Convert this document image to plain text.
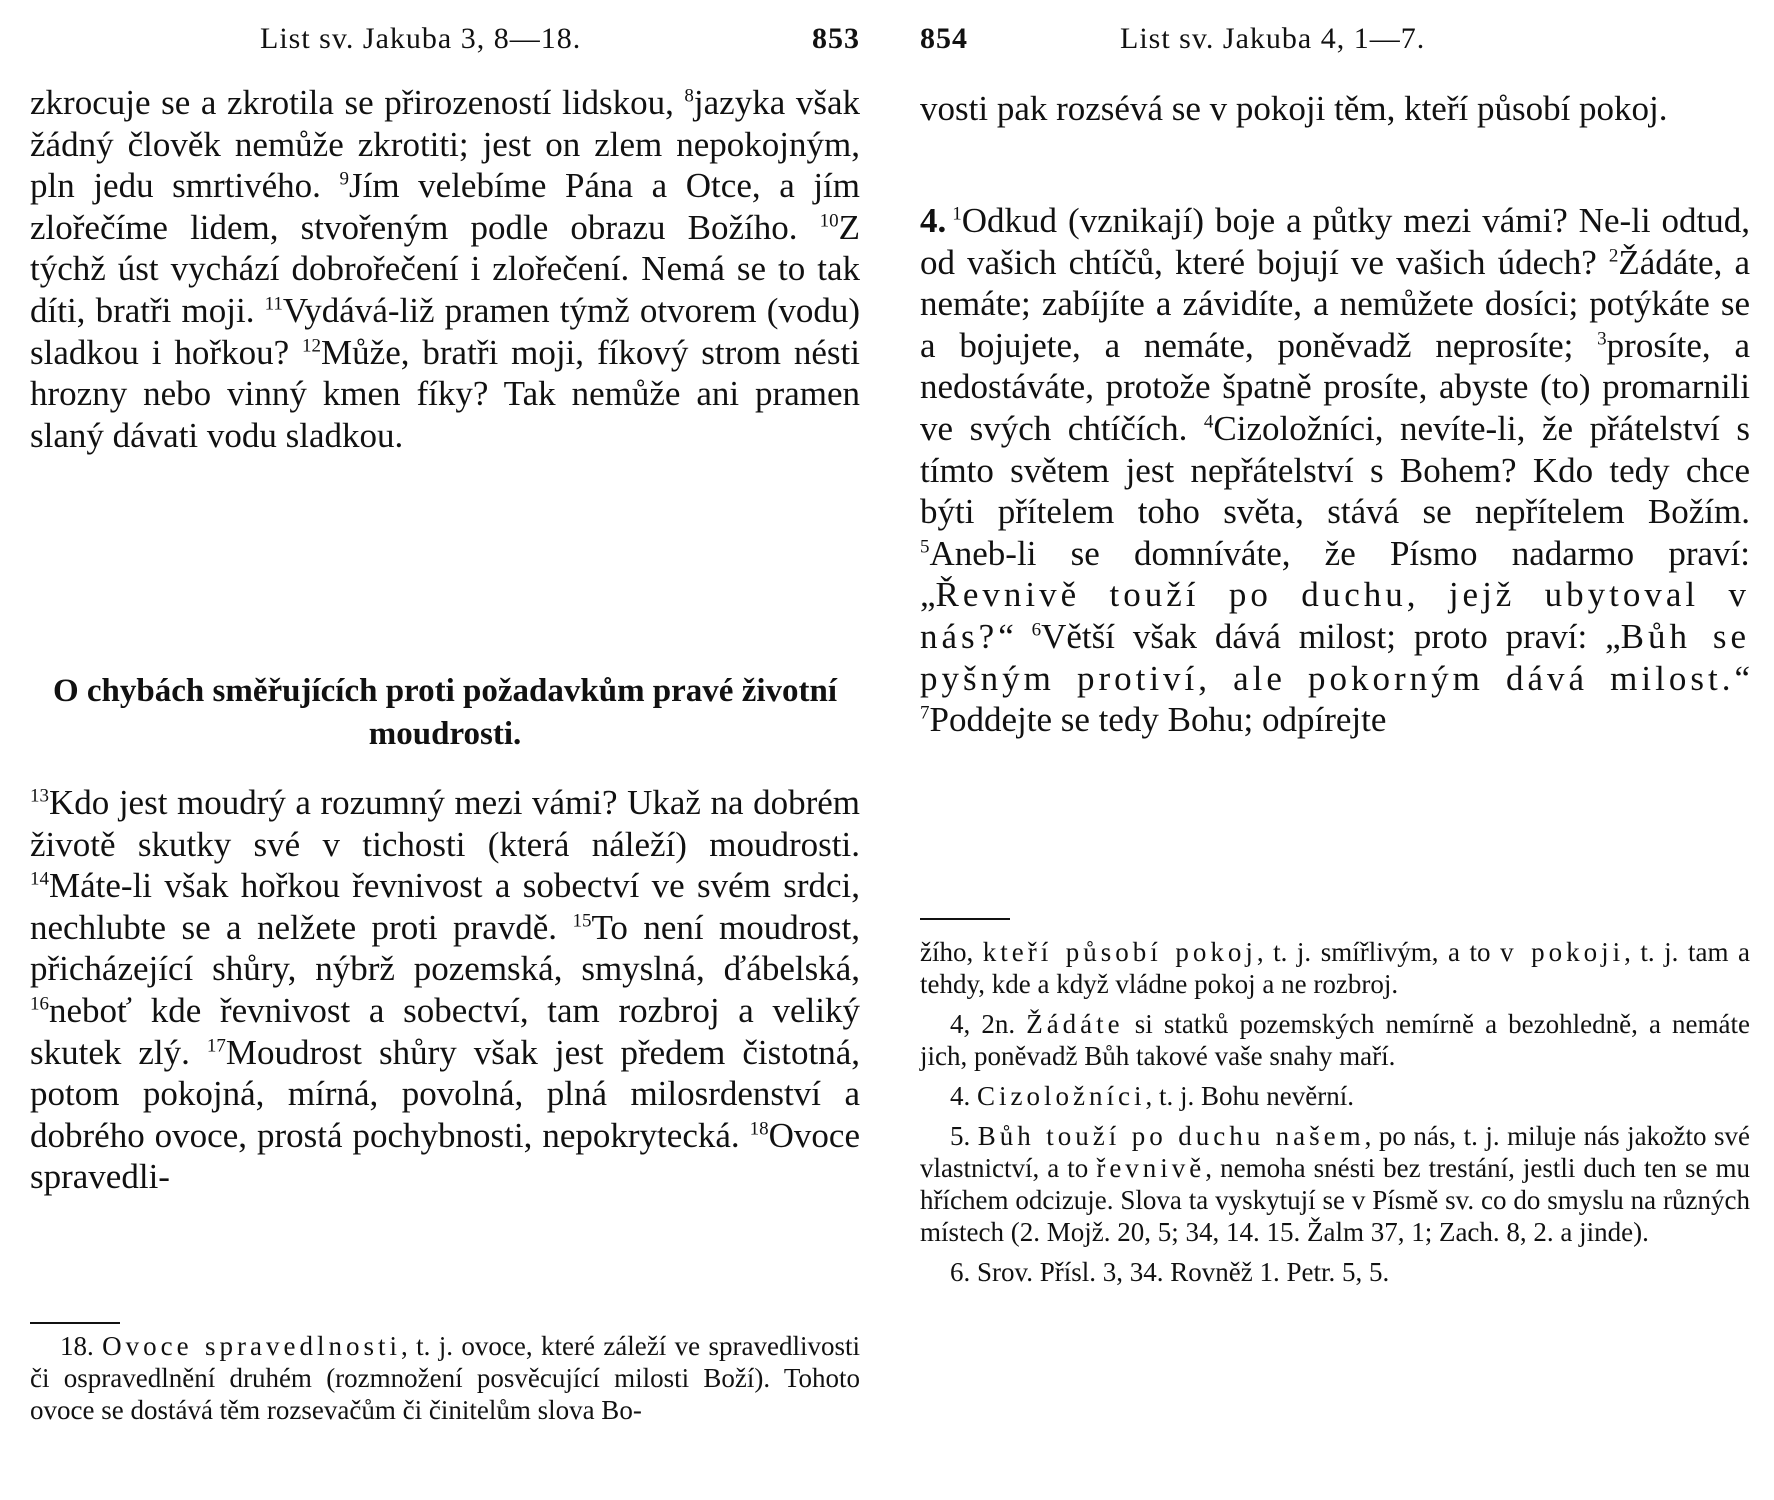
List sv. Jakuba 3, 8—18.	853

zkrocuje se a zkrotila se přirozeností lidskou, $^8$jazyka však žádný člověk nemůže zkrotiti; jest on zlem nepokojným, pln jedu smrtivého. $^9$Jím velebíme Pána a Otce, a jím zlořečíme lidem, stvořeným podle obrazu Božího. $^{10}$Z týchž úst vychází dobrořečení i zlořečení. Nemá se to tak díti, bratři moji. $^{11}$Vydává-liž pramen týmž otvorem (vodu) sladkou i hořkou? $^{12}$Může, bratři moji, fíkový strom nésti hrozny nebo vinný kmen fíky? Tak nemůže ani pramen slaný dávati vodu sladkou.

O chybách směřujících proti požadavkům pravé životní moudrosti.

$^{13}$Kdo jest moudrý a rozumný mezi vámi? Ukaž na dobrém životě skutky své v tichosti (která náleží) moudrosti. $^{14}$Máte-li však hořkou řevnivost a sobectví ve svém srdci, nechlubte se a nelžete proti pravdě. $^{15}$To není moudrost, přicházející shůry, nýbrž pozemská, smyslná, ďábelská, $^{16}$neboť kde řevnivost a sobectví, tam rozbroj a veliký skutek zlý. $^{17}$Moudrost shůry však jest předem čistotná, potom pokojná, mírná, povolná, plná milosrdenství a dobrého ovoce, prostá pochybnosti, nepokrytecká. $^{18}$Ovoce spravedli-

18. Ovoce spravedlnosti, t. j. ovoce, které záleží ve spravedlivosti či ospravedlnění druhém (rozmnožení posvěcující milosti Boží). Tohoto ovoce se dostává těm rozsevačům či činitelům slova Bo-

854	List sv. Jakuba 4, 1—7.

vosti pak rozsévá se v pokoji těm, kteří působí pokoj.

4. $^1$Odkud (vznikají) boje a půtky mezi vámi? Ne-li odtud, od vašich chtíčů, které bojují ve vašich údech? $^2$Žádáte, a nemáte; zabíjíte a závidíte, a nemůžete dosíci; potýkáte se a bojujete, a nemáte, poněvadž neprosíte; $^3$prosíte, a nedostáváte, protože špatně prosíte, abyste (to) promarnili ve svých chtíčích. $^4$Cizoložníci, nevíte-li, že přátelství s tímto světem jest nepřátelství s Bohem? Kdo tedy chce býti přítelem toho světa, stává se nepřítelem Božím. $^5$Aneb-li se domníváte, že Písmo nadarmo praví: „Řevnivě touží po duchu, jejž ubytoval v nás?“ $^6$Větší však dává milost; proto praví: „Bůh se pyšným protiví, ale pokorným dává milost.“ $^7$Poddejte se tedy Bohu; odpírejte

žího, kteří působí pokoj, t. j. smířlivým, a to v pokoji, t. j. tam a tehdy, kde a když vládne pokoj a ne rozbroj.

4, 2n. Žádáte si statků pozemských nemírně a bezohledně, a nemáte jich, poněvadž Bůh takové vaše snahy maří.

4. Cizoložníci, t. j. Bohu nevěrní.

5. Bůh touží po duchu našem, po nás, t. j. miluje nás jakožto své vlastnictví, a to řevnivě, nemoha snésti bez trestání, jestli duch ten se mu hříchem odcizuje. Slova ta vyskytují se v Písmě sv. co do smyslu na různých místech (2. Mojž. 20, 5; 34, 14. 15. Žalm 37, 1; Zach. 8, 2. a jinde).

6. Srov. Přísl. 3, 34. Rovněž 1. Petr. 5, 5.
